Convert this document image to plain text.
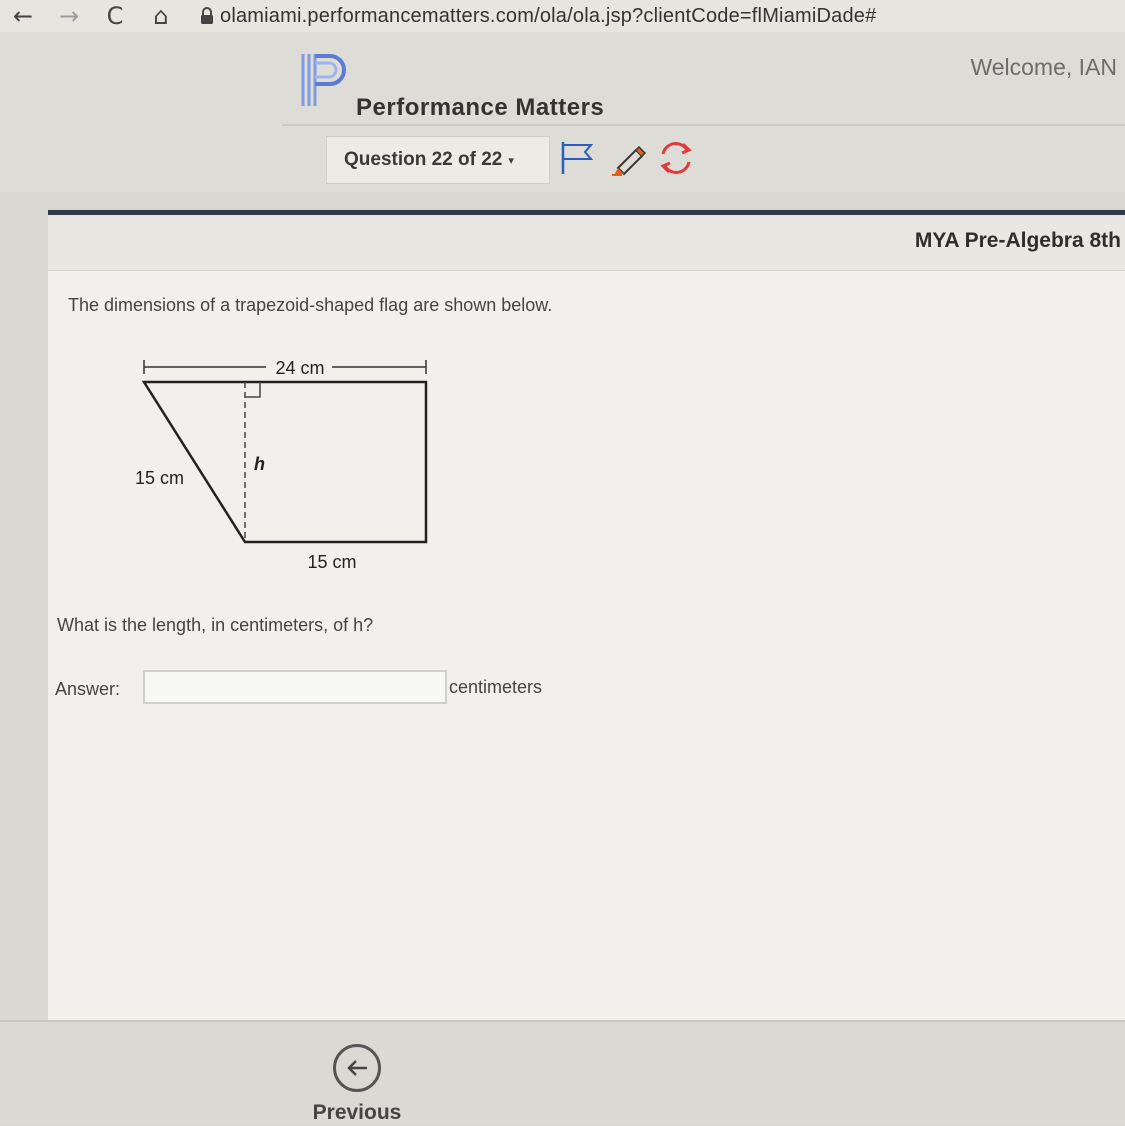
←	→	C	⌂	olamiami.performancematters.com/ola/ola.jsp?clientCode=flMiamiDade#
Performance Matters
Welcome, IAN
Question 22 of 22 ▾
MYA Pre-Algebra 8th
The dimensions of a trapezoid-shaped flag are shown below.
24 cm
h
15 cm
15 cm
What is the length, in centimeters, of h?
Answer:	centimeters
Previous
